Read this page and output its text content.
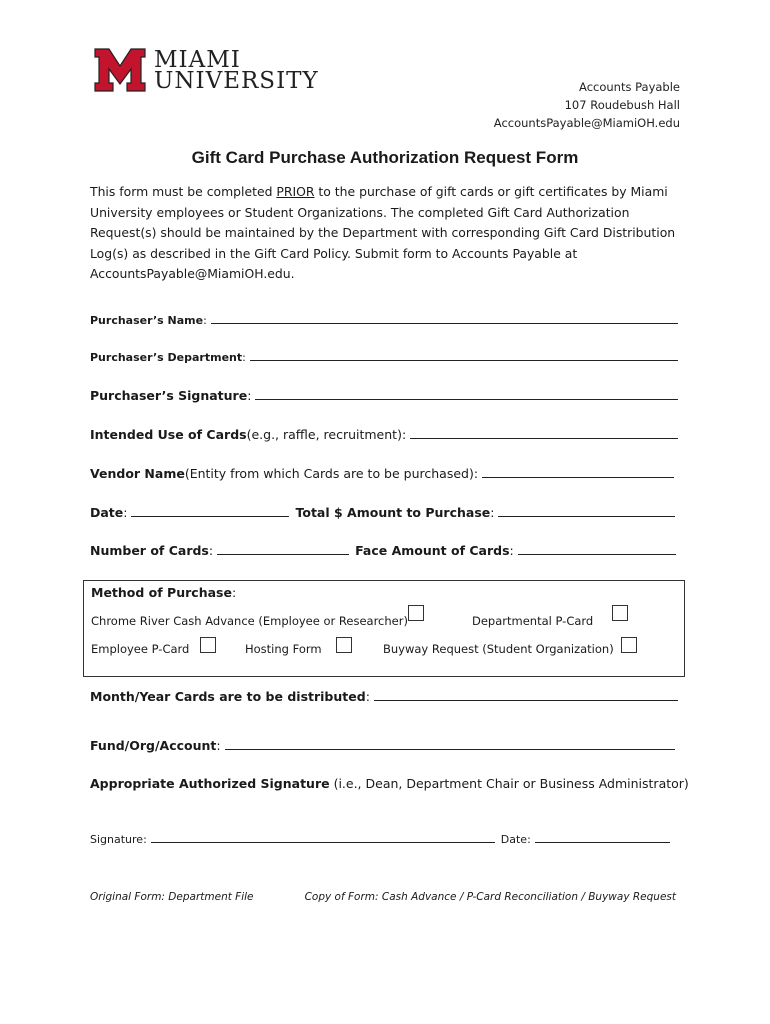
MIAMI
UNIVERSITY	Accounts Payable
107 Roudebush Hall
AccountsPayable@MiamiOH.edu
Gift Card Purchase Authorization Request Form
This form must be completed PRIOR to the purchase of gift cards or gift certificates by Miami University employees or Student Organizations. The completed Gift Card Authorization Request(s) should be maintained by the Department with corresponding Gift Card Distribution Log(s) as described in the Gift Card Policy. Submit form to Accounts Payable at AccountsPayable@MiamiOH.edu.
Purchaser’s Name :
Purchaser’s Department :
Purchaser’s Signature :
Intended Use of Cards (e.g., raffle, recruitment):
Vendor Name (Entity from which Cards are to be purchased):
Date :	Total $ Amount to Purchase :
Number of Cards :	Face Amount of Cards :
Method of Purchase:
Chrome River Cash Advance (Employee or Researcher)	Departmental P-Card
Employee P-Card	Hosting Form	Buyway Request (Student Organization)
Month/Year Cards are to be distributed :
Fund/Org/Account :
Appropriate Authorized Signature (i.e., Dean, Department Chair or Business Administrator)
Signature:	Date:
Original Form: Department File	Copy of Form: Cash Advance / P-Card Reconciliation / Buyway Request
